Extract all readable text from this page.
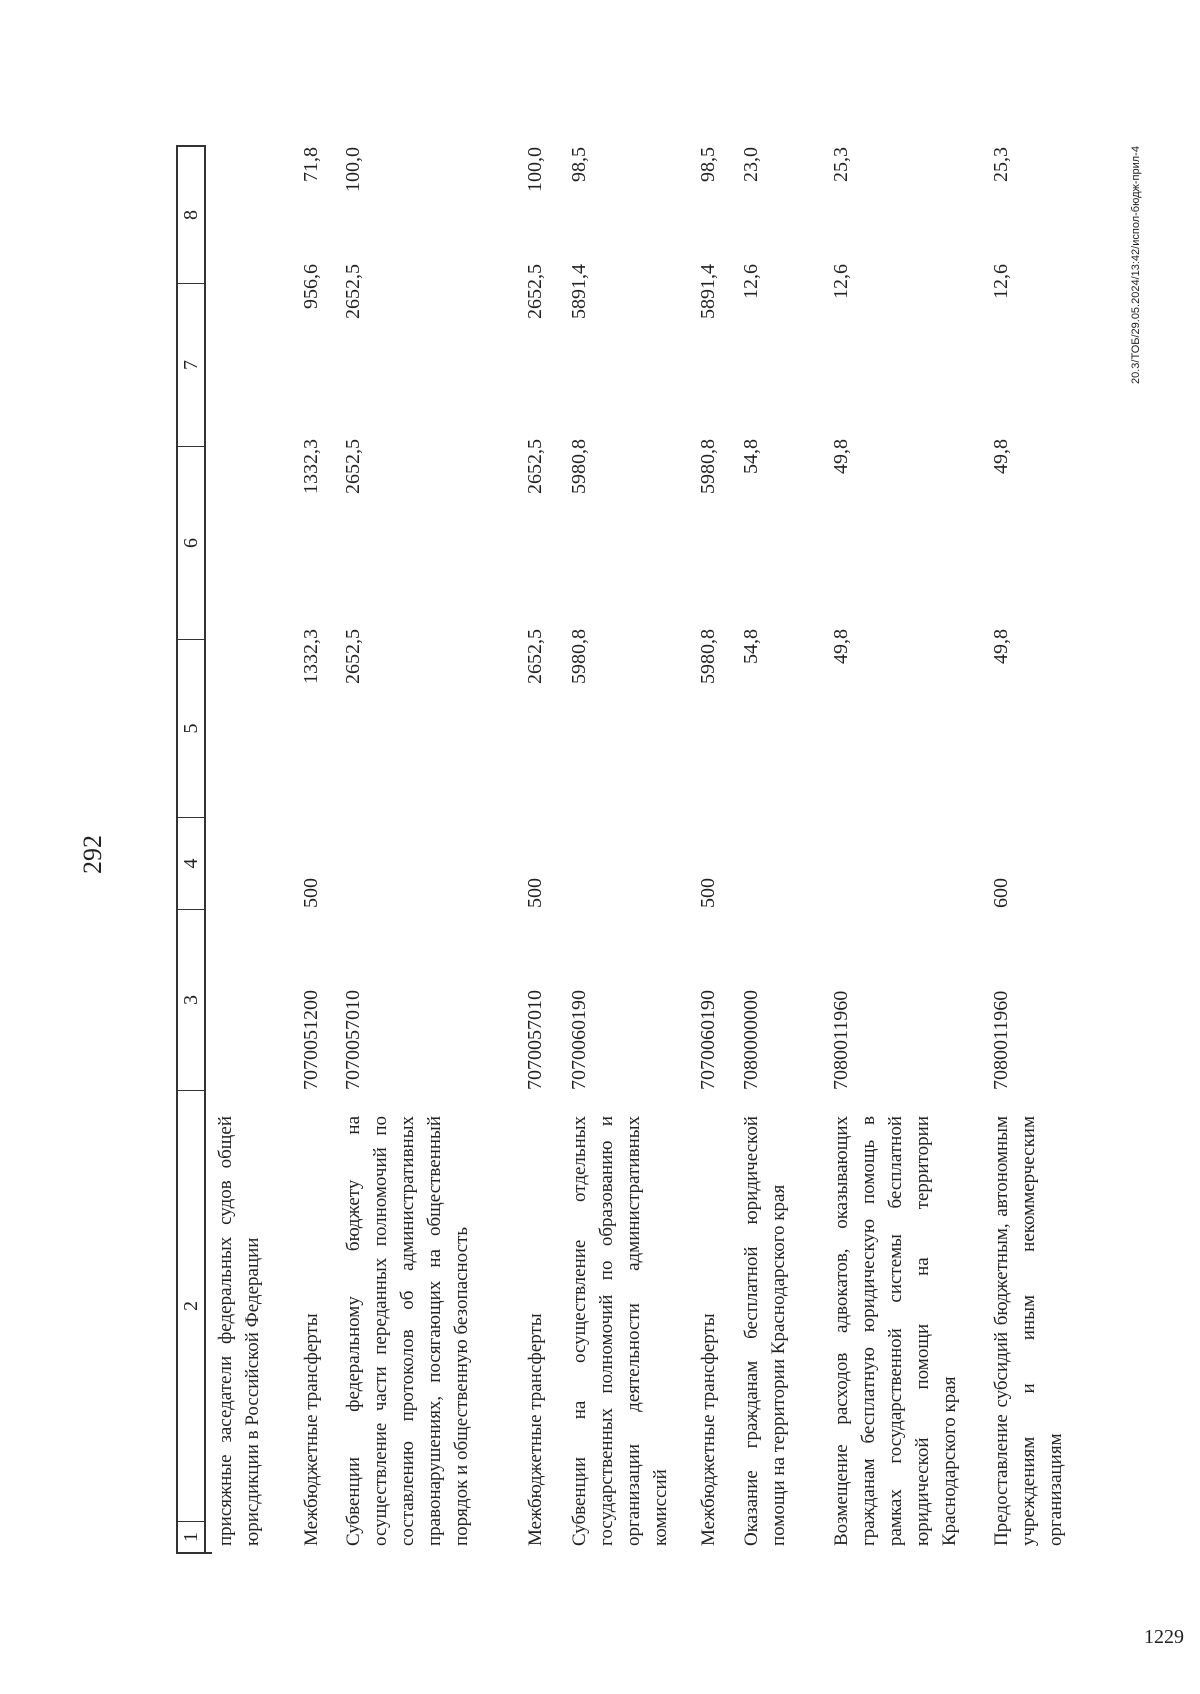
292
1
2
3
4
5
6
7
8
присяжные заседатели федеральных судов общей юрисдикции в Российской Федерации Межбюджетные трансферты
7070051200
500
1332,3
1332,3
956,6
71,8
Субвенции федеральному бюджету на осуществление части переданных полномочий по составлению протоколов об административных правонарушениях, посягающих на общественный порядок и общественную безопасность
7070057010
2652,5
2652,5
2652,5
100,0
Межбюджетные трансферты
7070057010
500
2652,5
2652,5
2652,5
100,0
Субвенции на осуществление отдельных государственных полномочий по образованию и организации деятельности административных комиссий
7070060190
5980,8
5980,8
5891,4
98,5
Межбюджетные трансферты
7070060190
500
5980,8
5980,8
5891,4
98,5
Оказание гражданам бесплатной юридической помощи на территории Краснодарского края
7080000000
54,8
54,8
12,6
23,0
Возмещение расходов адвокатов, оказывающих гражданам бесплатную юридическую помощь в рамках государственной системы бесплатной юридической помощи на территории Краснодарского края
7080011960
49,8
49,8
12,6
25,3
Предоставление субсидий бюджетным, автономным учреждениям и иным некоммерческим организациям
7080011960
600
49,8
49,8
12,6
25,3	20.3/ТОБ/29.05.2024/13:42/испол-бюдж-прил-4
1229
